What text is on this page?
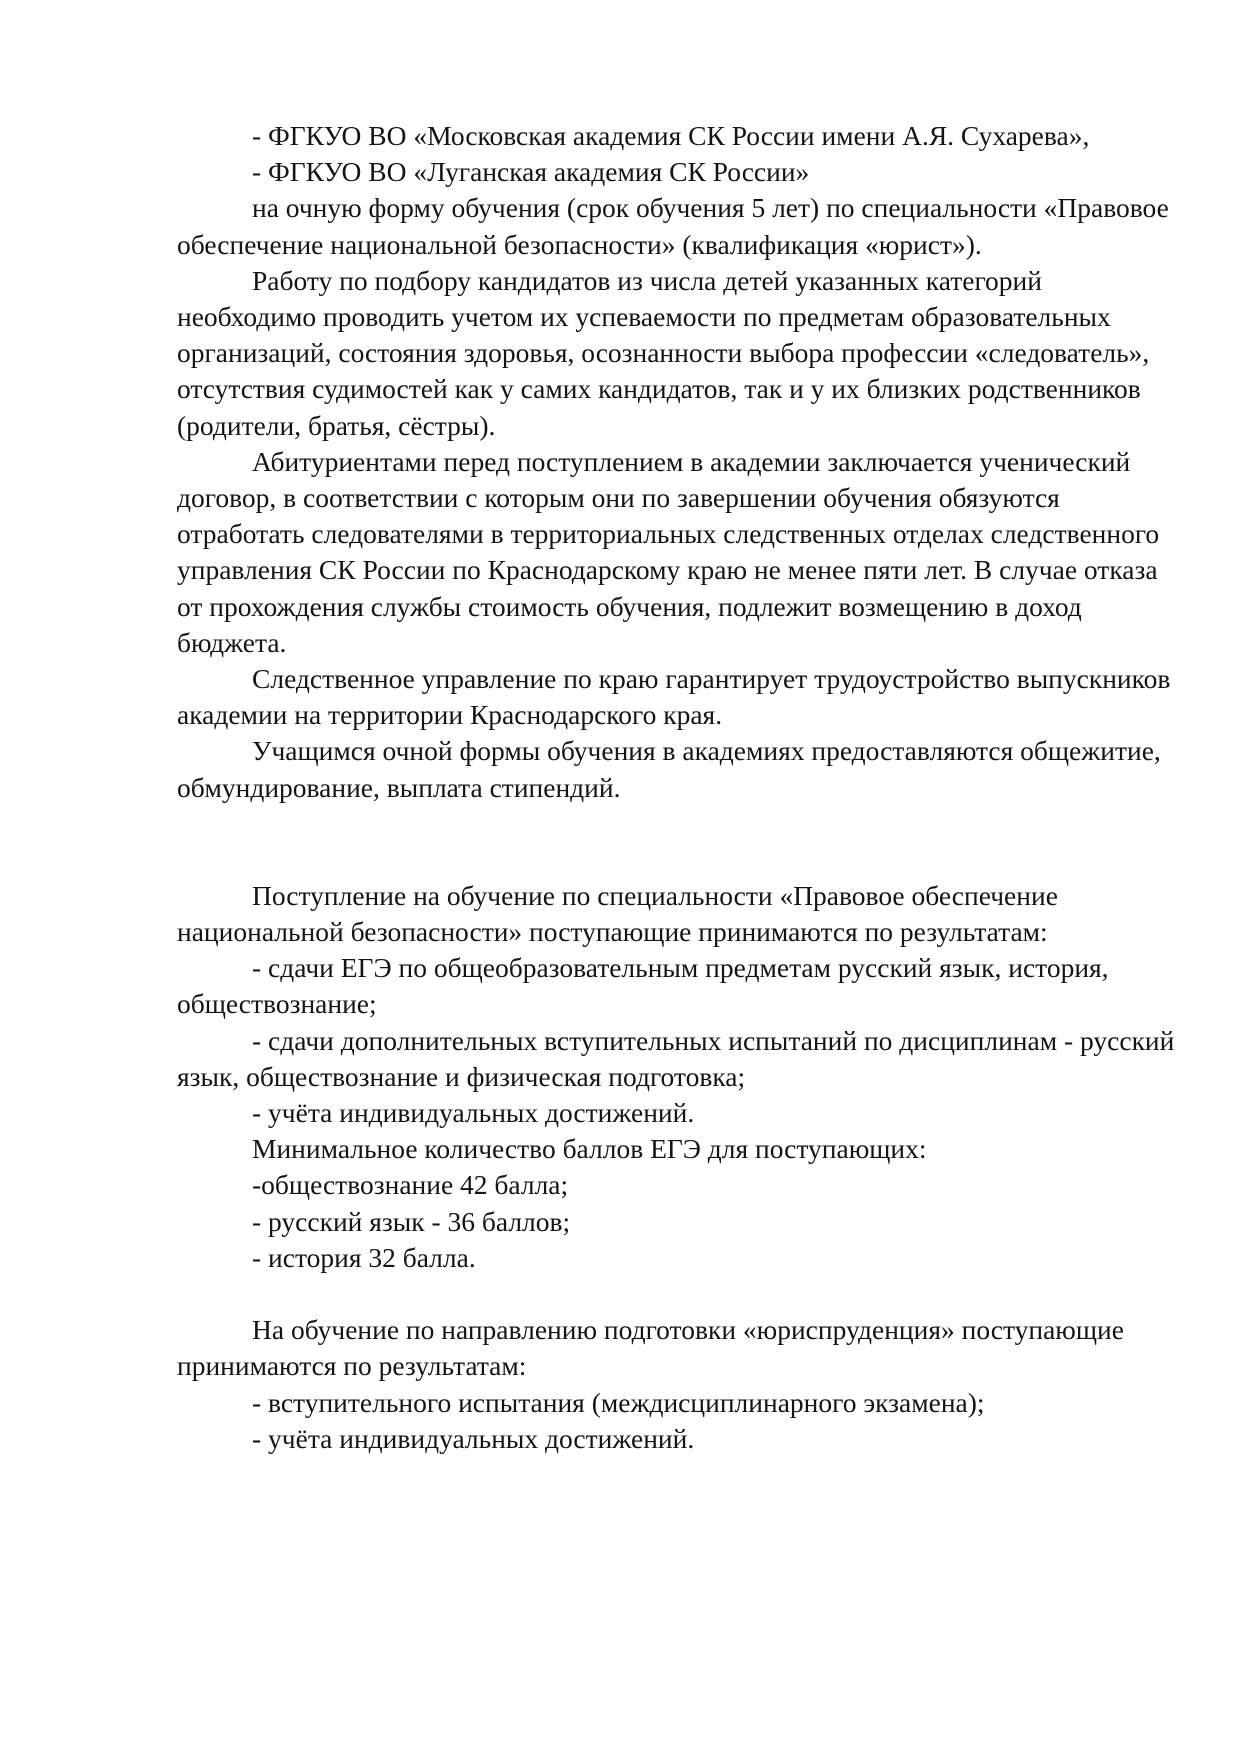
- ФГКУО ВО «Московская академия СК России имени А.Я. Сухарева»,

- ФГКУО ВО «Луганская академия СК России»

на очную форму обучения (срок обучения 5 лет) по специальности «Правовое обеспечение национальной безопасности» (квалификация «юрист»).

Работу по подбору кандидатов из числа детей указанных категорий необходимо проводить учетом их успеваемости по предметам образовательных организаций, состояния здоровья, осознанности выбора профессии «следователь», отсутствия судимостей как у самих кандидатов, так и у их близких родственников (родители, братья, сёстры).

Абитуриентами перед поступлением в академии заключается ученический договор, в соответствии с которым они по завершении обучения обязуются отработать следователями в территориальных следственных отделах следственного управления СК России по Краснодарскому краю не менее пяти лет. В случае отказа от прохождения службы стоимость обучения, подлежит возмещению в доход бюджета.

Следственное управление по краю гарантирует трудоустройство выпускников академии на территории Краснодарского края.

Учащимся очной формы обучения в академиях предоставляются общежитие, обмундирование, выплата стипендий.

Поступление на обучение по специальности «Правовое обеспечение национальной безопасности» поступающие принимаются по результатам:

- сдачи ЕГЭ по общеобразовательным предметам русский язык, история, обществознание;

- сдачи дополнительных вступительных испытаний по дисциплинам - русский язык, обществознание и физическая подготовка;

- учёта индивидуальных достижений.

Минимальное количество баллов ЕГЭ для поступающих:

-обществознание 42 балла;

- русский язык - 36 баллов;

- история 32 балла.

На обучение по направлению подготовки «юриспруденция» поступающие принимаются по результатам:

- вступительного испытания (междисциплинарного экзамена);

- учёта индивидуальных достижений.
